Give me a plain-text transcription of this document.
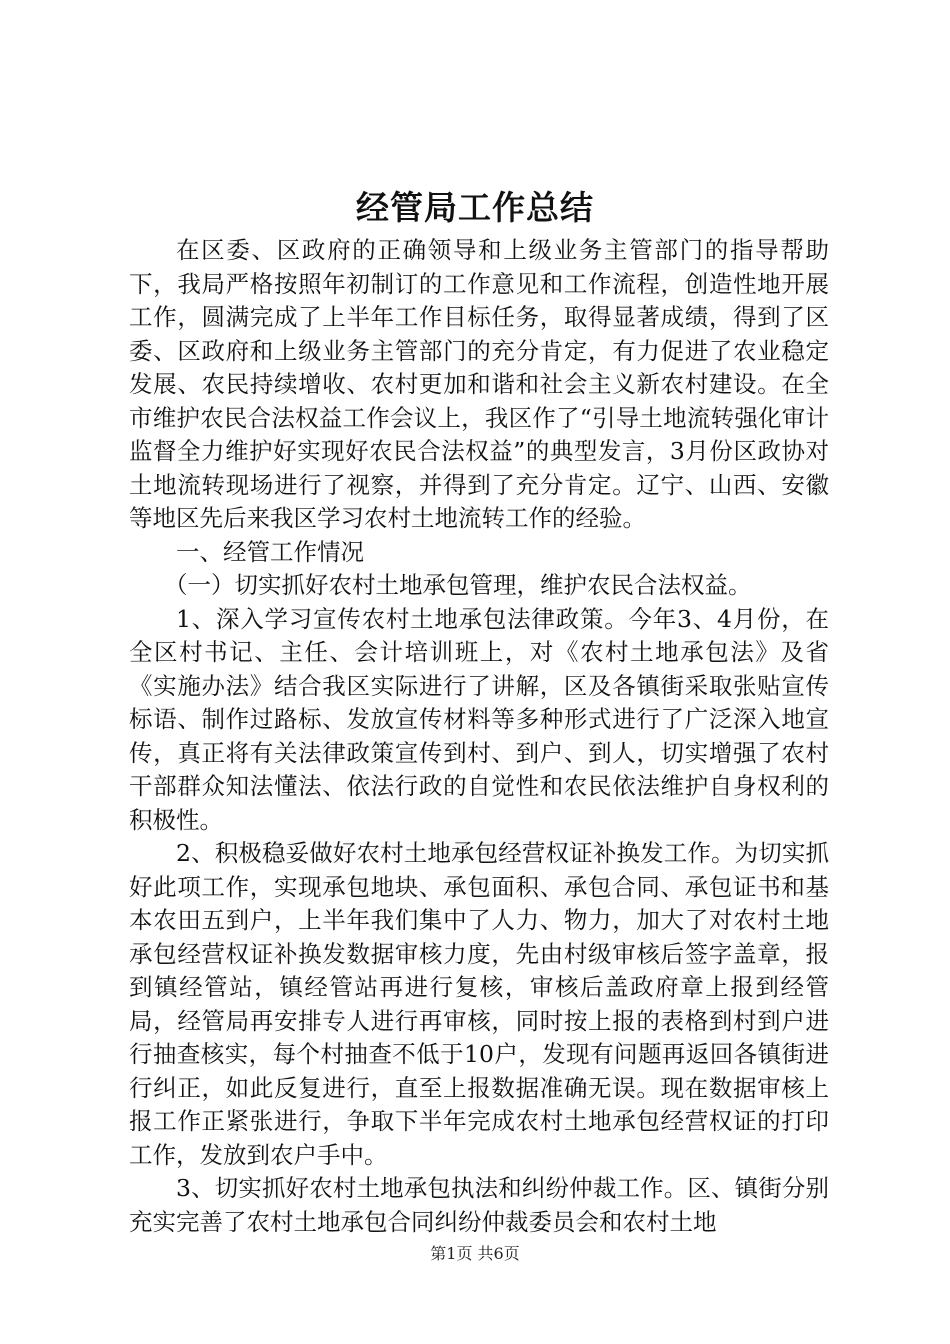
经管局工作总结

在区委、区政府的正确领导和上级业务主管部门的指导帮助下，我局严格按照年初制订的工作意见和工作流程，创造性地开展工作，圆满完成了上半年工作目标任务，取得显著成绩，得到了区委、区政府和上级业务主管部门的充分肯定，有力促进了农业稳定发展、农民持续增收、农村更加和谐和社会主义新农村建设。在全市维护农民合法权益工作会议上，我区作了“引导土地流转强化审计监督全力维护好实现好农民合法权益”的典型发言，3月份区政协对土地流转现场进行了视察，并得到了充分肯定。辽宁、山西、安徽等地区先后来我区学习农村土地流转工作的经验。

一、经管工作情况

（一）切实抓好农村土地承包管理，维护农民合法权益。

1、深入学习宣传农村土地承包法律政策。今年3、4月份，在全区村书记、主任、会计培训班上，对《农村土地承包法》及省《实施办法》结合我区实际进行了讲解，区及各镇街采取张贴宣传标语、制作过路标、发放宣传材料等多种形式进行了广泛深入地宣传，真正将有关法律政策宣传到村、到户、到人，切实增强了农村干部群众知法懂法、依法行政的自觉性和农民依法维护自身权利的积极性。

2、积极稳妥做好农村土地承包经营权证补换发工作。为切实抓好此项工作，实现承包地块、承包面积、承包合同、承包证书和基本农田五到户，上半年我们集中了人力、物力，加大了对农村土地承包经营权证补换发数据审核力度，先由村级审核后签字盖章，报到镇经管站，镇经管站再进行复核，审核后盖政府章上报到经管局，经管局再安排专人进行再审核，同时按上报的表格到村到户进行抽查核实，每个村抽查不低于10户，发现有问题再返回各镇街进行纠正，如此反复进行，直至上报数据准确无误。现在数据审核上报工作正紧张进行，争取下半年完成农村土地承包经营权证的打印工作，发放到农户手中。

3、切实抓好农村土地承包执法和纠纷仲裁工作。区、镇街分别充实完善了农村土地承包合同纠纷仲裁委员会和农村土地

第1页 共6页
